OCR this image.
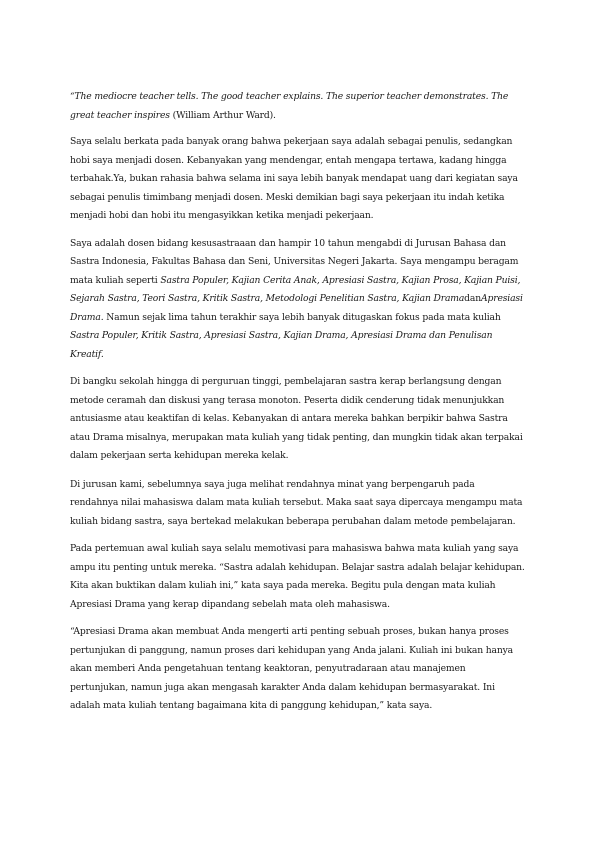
“The mediocre teacher tells. The good teacher explains. The superior teacher demonstrates. The great teacher inspires (William Arthur Ward).

Saya selalu berkata pada banyak orang bahwa pekerjaan saya adalah sebagai penulis, sedangkan hobi saya menjadi dosen. Kebanyakan yang mendengar, entah mengapa tertawa, kadang hingga terbahak.Ya, bukan rahasia bahwa selama ini saya lebih banyak mendapat uang dari kegiatan saya sebagai penulis timimbang menjadi dosen. Meski demikian bagi saya pekerjaan itu indah ketika menjadi hobi dan hobi itu mengasyikkan ketika menjadi pekerjaan.

Saya adalah dosen bidang kesusastraaan dan hampir 10 tahun mengabdi di Jurusan Bahasa dan Sastra Indonesia, Fakultas Bahasa dan Seni, Universitas Negeri Jakarta. Saya mengampu beragam mata kuliah seperti Sastra Populer, Kajian Cerita Anak, Apresiasi Sastra, Kajian Prosa, Kajian Puisi, Sejarah Sastra, Teori Sastra, Kritik Sastra, Metodologi Penelitian Sastra, Kajian DramadanApresiasi Drama. Namun sejak lima tahun terakhir saya lebih banyak ditugaskan fokus pada mata kuliah Sastra Populer, Kritik Sastra, Apresiasi Sastra, Kajian Drama, Apresiasi Drama dan Penulisan Kreatif.

Di bangku sekolah hingga di perguruan tinggi, pembelajaran sastra kerap berlangsung dengan metode ceramah dan diskusi yang terasa monoton. Peserta didik cenderung tidak menunjukkan antusiasme atau keaktifan di kelas. Kebanyakan di antara mereka bahkan berpikir bahwa Sastra atau Drama misalnya, merupakan mata kuliah yang tidak penting, dan mungkin tidak akan terpakai dalam pekerjaan serta kehidupan mereka kelak.

Di jurusan kami, sebelumnya saya juga melihat rendahnya minat yang berpengaruh pada rendahnya nilai mahasiswa dalam mata kuliah tersebut. Maka saat saya dipercaya mengampu mata kuliah bidang sastra, saya bertekad melakukan beberapa perubahan dalam metode pembelajaran.

Pada pertemuan awal kuliah saya selalu memotivasi para mahasiswa bahwa mata kuliah yang saya ampu itu penting untuk mereka. “Sastra adalah kehidupan. Belajar sastra adalah belajar kehidupan. Kita akan buktikan dalam kuliah ini,” kata saya pada mereka. Begitu pula dengan mata kuliah Apresiasi Drama yang kerap dipandang sebelah mata oleh mahasiswa.

“Apresiasi Drama akan membuat Anda mengerti arti penting sebuah proses, bukan hanya proses pertunjukan di panggung, namun proses dari kehidupan yang Anda jalani. Kuliah ini bukan hanya akan memberi Anda pengetahuan tentang keaktoran, penyutradaraan atau manajemen pertunjukan, namun juga akan mengasah karakter Anda dalam kehidupan bermasyarakat. Ini adalah mata kuliah tentang bagaimana kita di panggung kehidupan,” kata saya.
